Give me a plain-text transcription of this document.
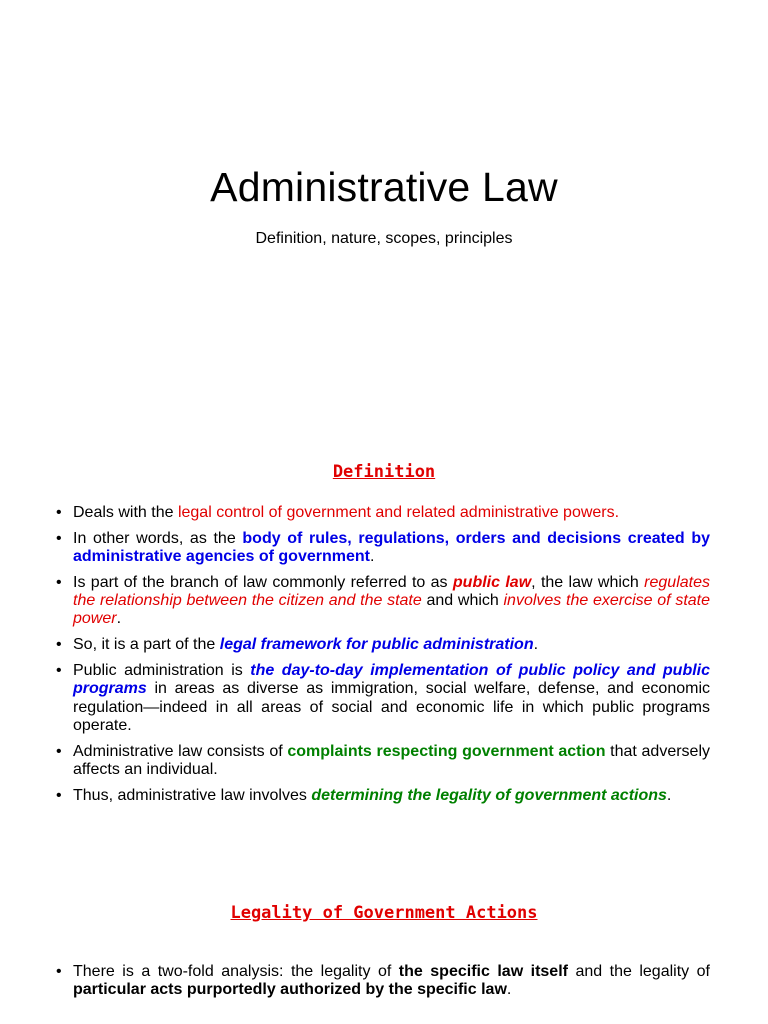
Administrative Law

Definition, nature, scopes, principles

Definition
• Deals with the legal control of government and related administrative powers.
• In other words, as the body of rules, regulations, orders and decisions created by administrative agencies of government.
• Is part of the branch of law commonly referred to as public law, the law which regulates the relationship between the citizen and the state and which involves the exercise of state power.
• So, it is a part of the legal framework for public administration.
• Public administration is the day-to-day implementation of public policy and public programs in areas as diverse as immigration, social welfare, defense, and economic regulation—indeed in all areas of social and economic life in which public programs operate.
• Administrative law consists of complaints respecting government action that adversely affects an individual.
• Thus, administrative law involves determining the legality of government actions.
Legality of Government Actions
• There is a two-fold analysis: the legality of the specific law itself and the legality of particular acts purportedly authorized by the specific law.
